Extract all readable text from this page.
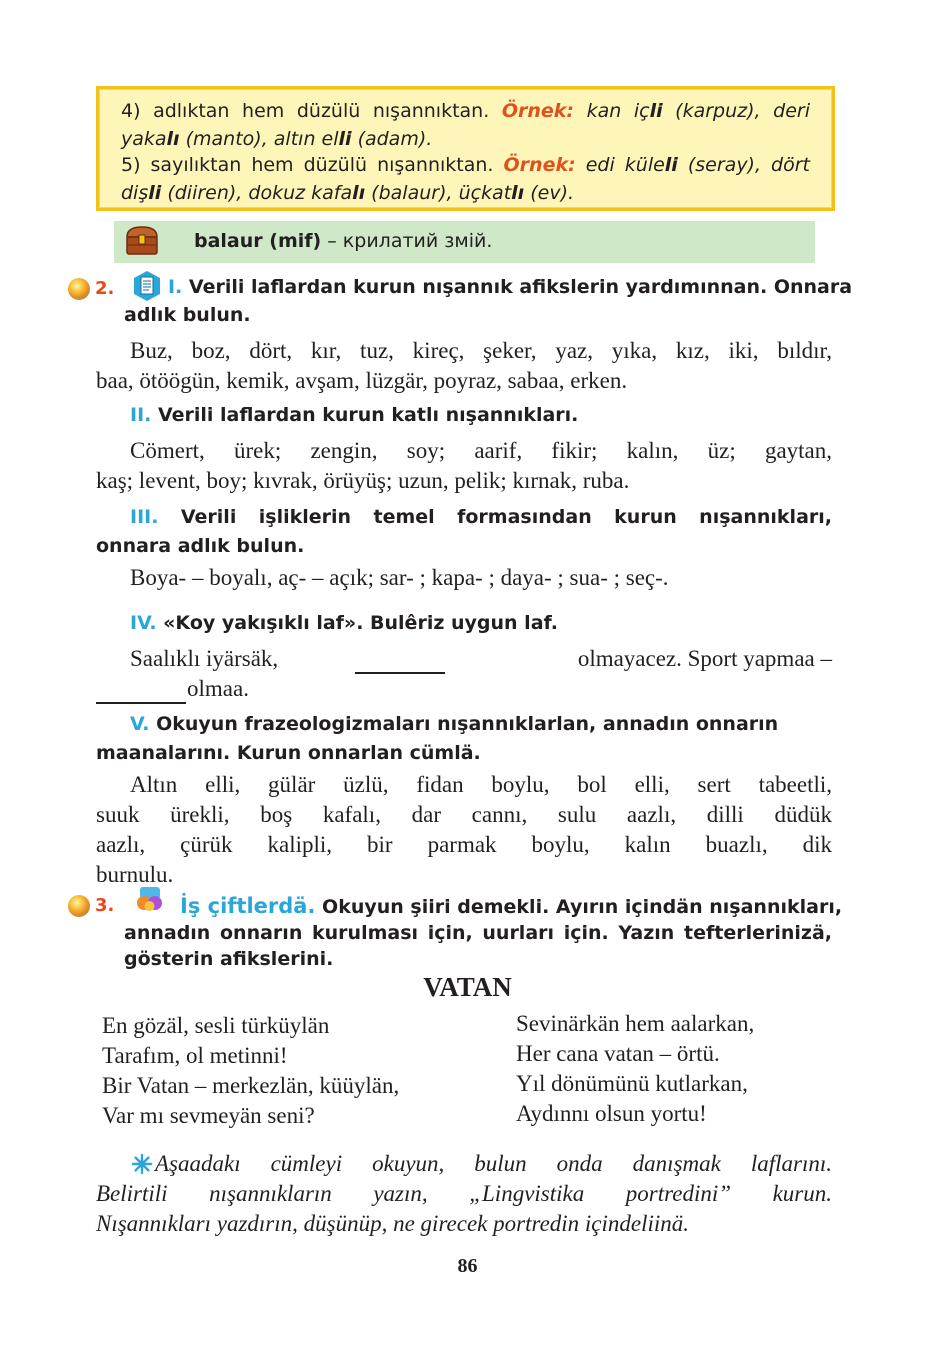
4) adlıktan hem düzülü nışannıktan. Örnek: kan içli (karpuz), deri
yakalı (manto), altın elli (adam).
5) sayılıktan hem düzülü nışannıktan. Örnek: edi küleli (seray), dört
dişli (diiren), dokuz kafalı (balaur), üçkatlı (ev).
balaur (mif) – крилатий змій.
2.	I. Verili laflardan kurun nışannık afikslerin yardımınnan. Onnara
adlık bulun.
Buz, boz, dört, kır, tuz, kireç, şeker, yaz, yıka, kız, iki, bıldır,
baa, ötöögün, kemik, avşam, lüzgär, poyraz, sabaa, erken.
II. Verili laflardan kurun katlı nışannıkları.
Cömert, ürek; zengin, soy; aarif, fikir; kalın, üz; gaytan,
kaş; levent, boy; kıvrak, örüyüş; uzun, pelik; kırnak, ruba.
III. Verili işliklerin temel formasından kurun nışannıkları,
onnara adlık bulun.
Boya- – boyalı, aç- – açık; sar- ; kapa- ; daya- ; sua- ; seç-.
IV. «Koy yakışıklı laf». Bulêriz uygun laf.
Saalıklı iyärsäk,	olmayacez. Sport yapmaa –
olmaa.
V. Okuyun frazeologizmaları nışannıklarlan, annadın onnarın
maanalarını. Kurun onnarlan cümlä.
Altın elli, gülär üzlü, fidan boylu, bol elli, sert tabeetli,
suuk ürekli, boş kafalı, dar cannı, sulu aazlı, dilli düdük
aazlı, çürük kalipli, bir parmak boylu, kalın buazlı, dik
burnulu.
3.	İş çiftlerdä. Okuyun şiiri demekli. Ayırın içindän nışannıkları,
annadın onnarın kurulması için, uurları için. Yazın tefterlerinizä,
gösterin afikslerini.
VATAN
En gözäl, sesli türküylän
Tarafım, ol metinni!
Bir Vatan – merkezlän, küüylän,
Var mı sevmeyän seni?
Sevinärkän hem aalarkan,
Her cana vatan – örtü.
Yıl dönümünü kutlarkan,
Aydınnı olsun yortu!
Aşaadakı cümleyi okuyun, bulun onda danışmak laflarını.
Belirtili nışannıkların yazın, „Lingvistika portredini” kurun.
Nışannıkları yazdırın, düşünüp, ne girecek portredin içindeliinä.
86
